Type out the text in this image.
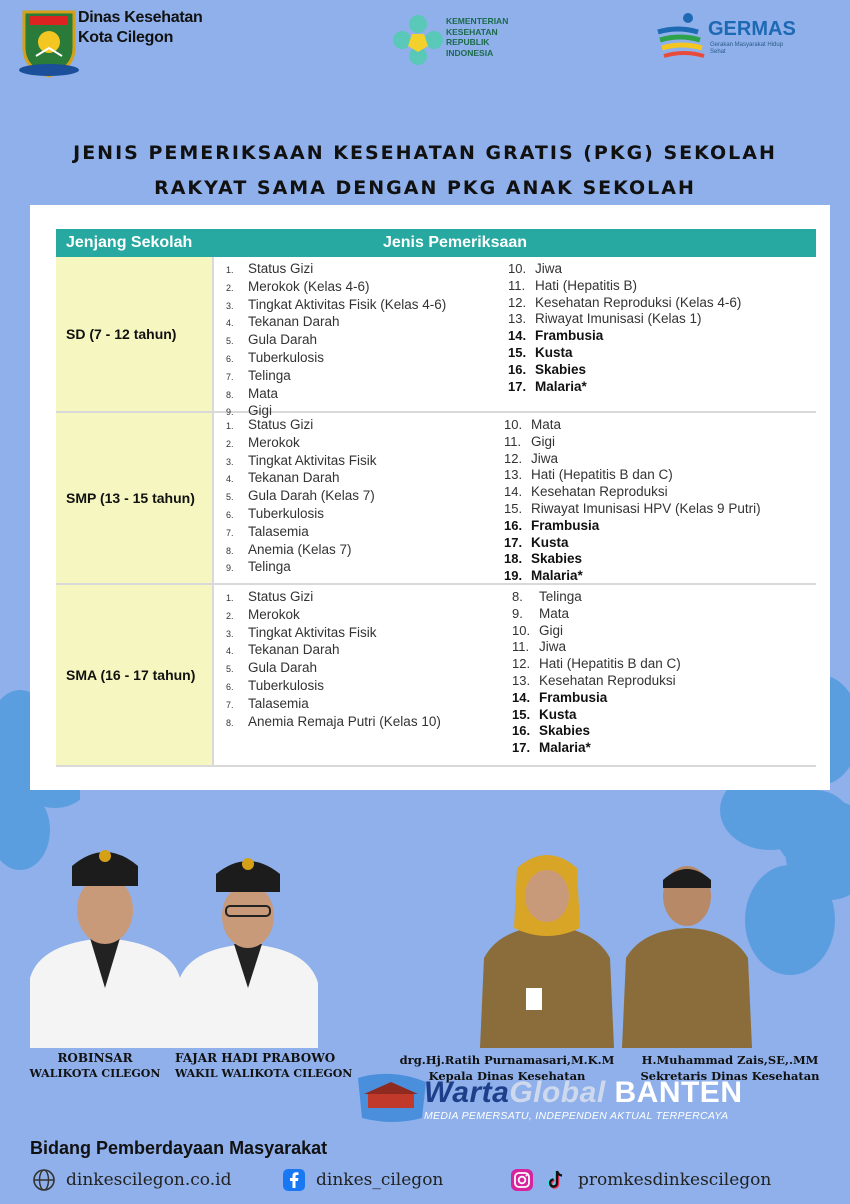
Dinas Kesehatan
Kota Cilegon
KEMENTERIAN
KESEHATAN
REPUBLIK
INDONESIA
GERMAS
Gerakan Masyarakat Hidup Sehat
JENIS PEMERIKSAAN KESEHATAN GRATIS (PKG) SEKOLAH
RAKYAT SAMA DENGAN PKG ANAK SEKOLAH
Jenjang Sekolah	Jenis Pemeriksaan
SD (7 - 12 tahun)
1. Status Gizi
2. Merokok (Kelas 4-6)
3. Tingkat Aktivitas Fisik (Kelas 4-6)
4. Tekanan Darah
5. Gula Darah
6. Tuberkulosis
7. Telinga
8. Mata
9. Gigi
10. Jiwa
11. Hati (Hepatitis B)
12. Kesehatan Reproduksi (Kelas 4-6)
13. Riwayat Imunisasi (Kelas 1)
14. Frambusia
15. Kusta
16. Skabies
17. Malaria*
SMP (13 - 15 tahun)
1. Status Gizi
2. Merokok
3. Tingkat Aktivitas Fisik
4. Tekanan Darah
5. Gula Darah (Kelas 7)
6. Tuberkulosis
7. Talasemia
8. Anemia (Kelas 7)
9. Telinga
10. Mata
11. Gigi
12. Jiwa
13. Hati (Hepatitis B dan C)
14. Kesehatan Reproduksi
15. Riwayat Imunisasi HPV (Kelas 9 Putri)
16. Frambusia
17. Kusta
18. Skabies
19. Malaria*
SMA (16 - 17 tahun)
1. Status Gizi
2. Merokok
3. Tingkat Aktivitas Fisik
4. Tekanan Darah
5. Gula Darah
6. Tuberkulosis
7. Talasemia
8. Anemia Remaja Putri (Kelas 10)
8. Telinga
9. Mata
10. Gigi
11. Jiwa
12. Hati (Hepatitis B dan C)
13. Kesehatan Reproduksi
14. Frambusia
15. Kusta
16. Skabies
17. Malaria*
ROBINSAR
WALIKOTA CILEGON
FAJAR HADI PRABOWO
WAKIL WALIKOTA CILEGON
drg.Hj.Ratih Purnamasari,M.K.M
Kepala Dinas Kesehatan
H.Muhammad Zais,SE,.MM
Sekretaris Dinas Kesehatan
WartaGlobal BANTEN
MEDIA PEMERSATU, INDEPENDEN AKTUAL TERPERCAYA
Bidang Pemberdayaan Masyarakat
dinkescilegon.co.id	dinkes_cilegon	promkesdinkescilegon
